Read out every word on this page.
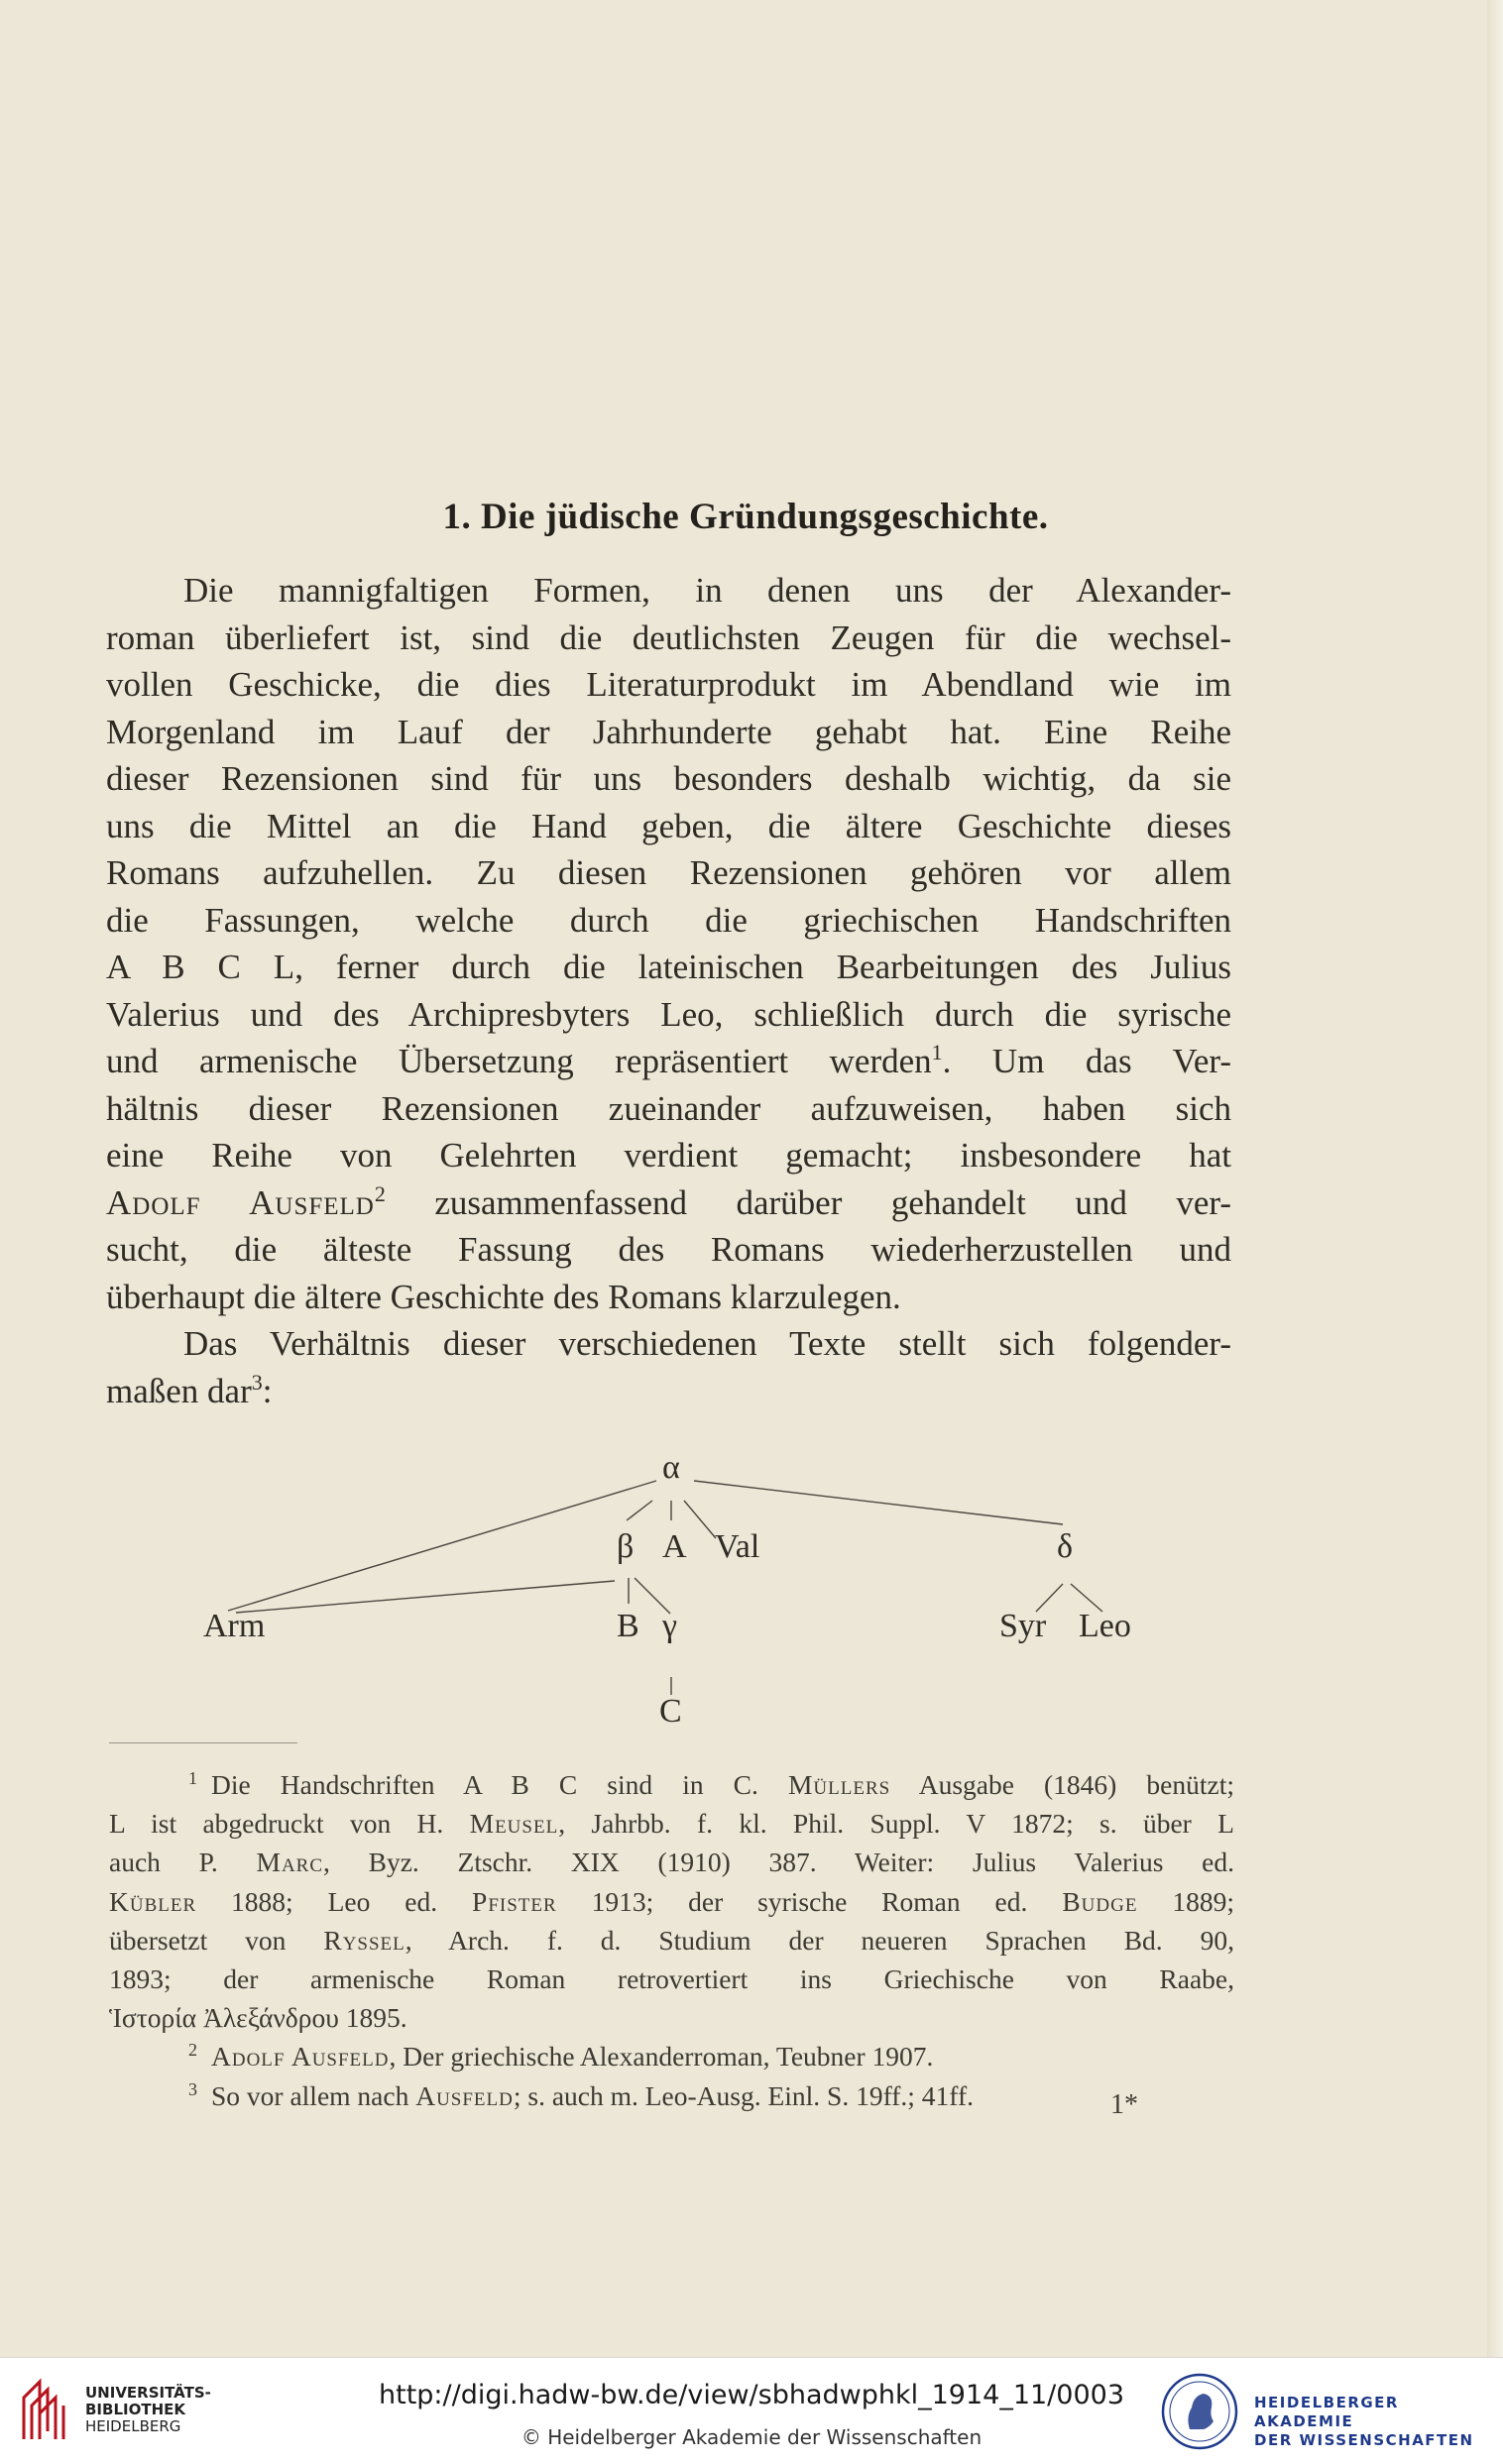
1. Die jüdische Gründungsgeschichte.
Die mannigfaltigen Formen, in denen uns der Alexander-
roman überliefert ist, sind die deutlichsten Zeugen für die wechsel-
vollen Geschicke, die dies Literaturprodukt im Abendland wie im
Morgenland im Lauf der Jahrhunderte gehabt hat. Eine Reihe
dieser Rezensionen sind für uns besonders deshalb wichtig, da sie
uns die Mittel an die Hand geben, die ältere Geschichte dieses
Romans aufzuhellen. Zu diesen Rezensionen gehören vor allem
die Fassungen, welche durch die griechischen Handschriften
A B C L, ferner durch die lateinischen Bearbeitungen des Julius
Valerius und des Archipresbyters Leo, schließlich durch die syrische
und armenische Übersetzung repräsentiert werden$^1$. Um das Ver-
hältnis dieser Rezensionen zueinander aufzuweisen, haben sich
eine Reihe von Gelehrten verdient gemacht; insbesondere hat
Adolf Ausfeld$^2$ zusammenfassend darüber gehandelt und ver-
sucht, die älteste Fassung des Romans wiederherzustellen und
überhaupt die ältere Geschichte des Romans klarzulegen.
Das Verhältnis dieser verschiedenen Texte stellt sich folgender-
maßen dar$^3$:
α
β A Val	δ
Arm	B γ	Syr Leo
C
$^1$ Die Handschriften A B C sind in C. Müllers Ausgabe (1846) benützt;
L ist abgedruckt von H. Meusel, Jahrbb. f. kl. Phil. Suppl. V 1872; s. über L
auch P. Marc, Byz. Ztschr. XIX (1910) 387. Weiter: Julius Valerius ed.
Kübler 1888; Leo ed. Pfister 1913; der syrische Roman ed. Budge 1889;
übersetzt von Ryssel, Arch. f. d. Studium der neueren Sprachen Bd. 90,
1893; der armenische Roman retrovertiert ins Griechische von Raabe,
Ἱστορία Ἀλεξάνδρου 1895.
$^2$ Adolf Ausfeld, Der griechische Alexanderroman, Teubner 1907.
$^3$ So vor allem nach Ausfeld; s. auch m. Leo-Ausg. Einl. S. 19ff.; 41ff.	1*
UNIVERSITÄTS-
BIBLIOTHEK
HEIDELBERG
http://digi.hadw-bw.de/view/sbhadwphkl_1914_11/0003
© Heidelberger Akademie der Wissenschaften
HEIDELBERGER AKADEMIE
DER WISSENSCHAFTEN
